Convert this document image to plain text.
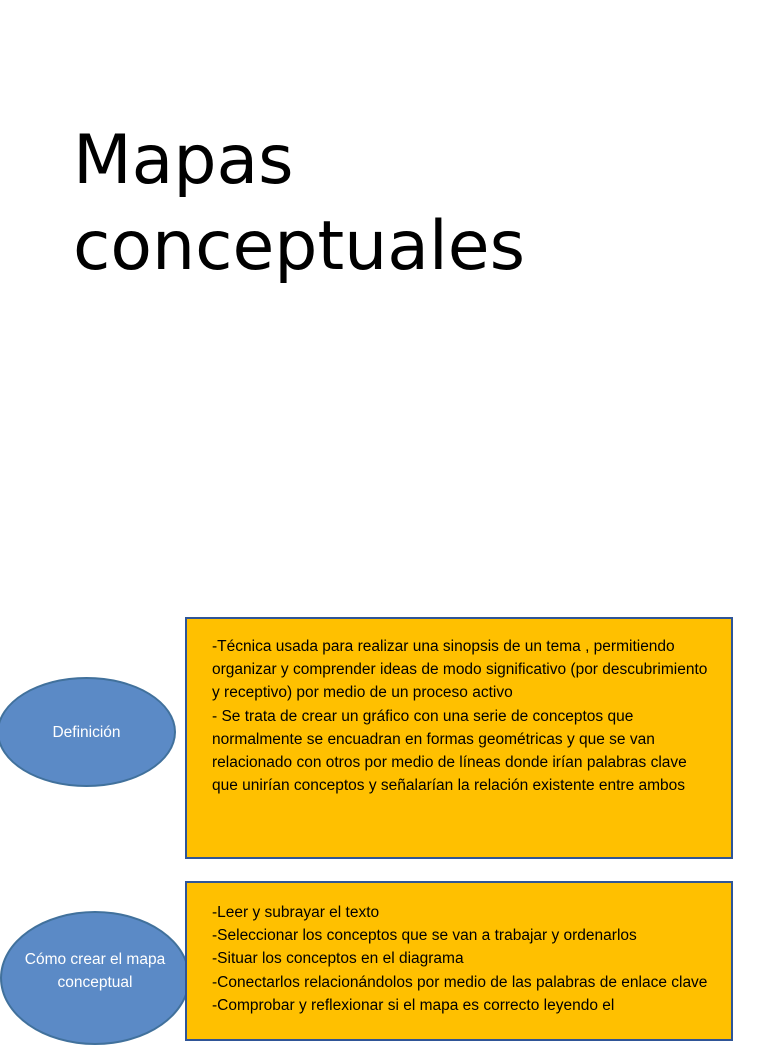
Mapas
conceptuales
Definición

-Técnica usada para realizar una sinopsis de un tema , permitiendo organizar y comprender ideas de modo significativo (por descubrimiento y receptivo) por medio de un proceso activo

- Se trata de crear un gráfico con una serie de conceptos que normalmente se encuadran en formas geométricas y que se van relacionado con otros por medio de líneas donde irían palabras clave que unirían conceptos y señalarían la relación existente entre ambos

Cómo crear el mapa conceptual
-Leer y subrayar el texto
-Seleccionar los conceptos que se van a trabajar y ordenarlos
-Situar los conceptos en el diagrama
-Conectarlos relacionándolos por medio de las palabras de enlace clave
-Comprobar y reflexionar si el mapa es correcto leyendo el
